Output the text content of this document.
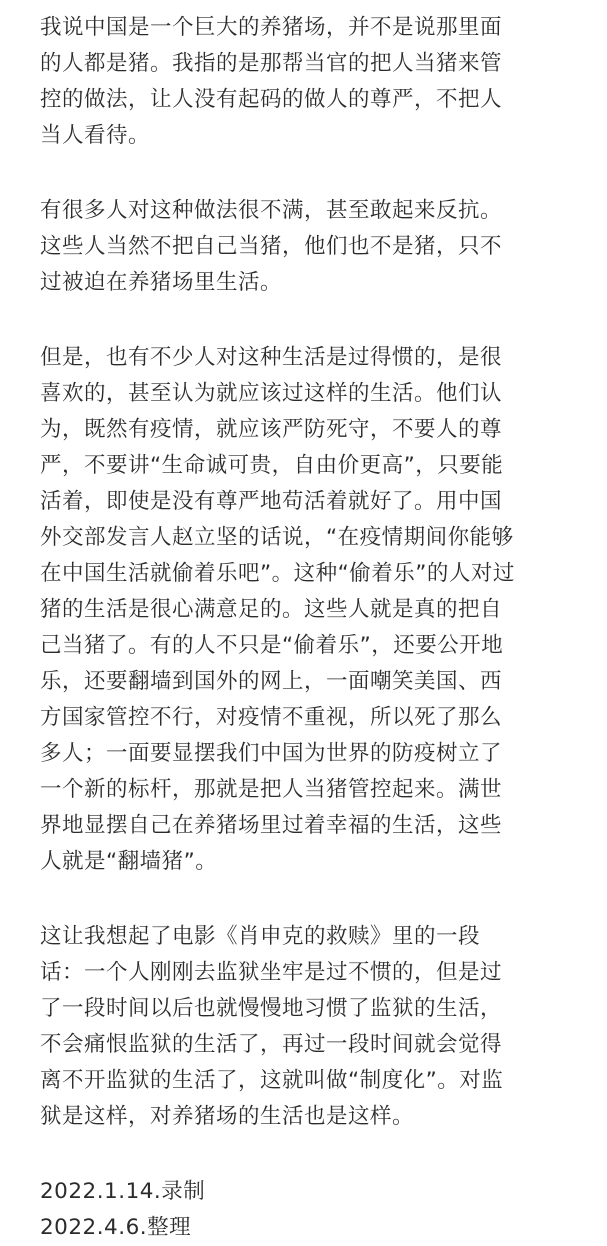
我说中国是一个巨大的养猪场，并不是说那里面
的人都是猪。我指的是那帮当官的把人当猪来管
控的做法，让人没有起码的做人的尊严，不把人
当人看待。
有很多人对这种做法很不满，甚至敢起来反抗。
这些人当然不把自己当猪，他们也不是猪，只不
过被迫在养猪场里生活。
但是，也有不少人对这种生活是过得惯的，是很
喜欢的，甚至认为就应该过这样的生活。他们认
为，既然有疫情，就应该严防死守，不要人的尊
严，不要讲“生命诚可贵，自由价更高”，只要能
活着，即使是没有尊严地苟活着就好了。用中国
外交部发言人赵立坚的话说，“在疫情期间你能够
在中国生活就偷着乐吧”。这种“偷着乐”的人对过
猪的生活是很心满意足的。这些人就是真的把自
己当猪了。有的人不只是“偷着乐”，还要公开地
乐，还要翻墙到国外的网上，一面嘲笑美国、西
方国家管控不行，对疫情不重视，所以死了那么
多人；一面要显摆我们中国为世界的防疫树立了
一个新的标杆，那就是把人当猪管控起来。满世
界地显摆自己在养猪场里过着幸福的生活，这些
人就是“翻墙猪”。
这让我想起了电影《肖申克的救赎》里的一段
话：一个人刚刚去监狱坐牢是过不惯的，但是过
了一段时间以后也就慢慢地习惯了监狱的生活，
不会痛恨监狱的生活了，再过一段时间就会觉得
离不开监狱的生活了，这就叫做“制度化”。对监
狱是这样，对养猪场的生活也是这样。
2022.1.14.录制
2022.4.6.整理
